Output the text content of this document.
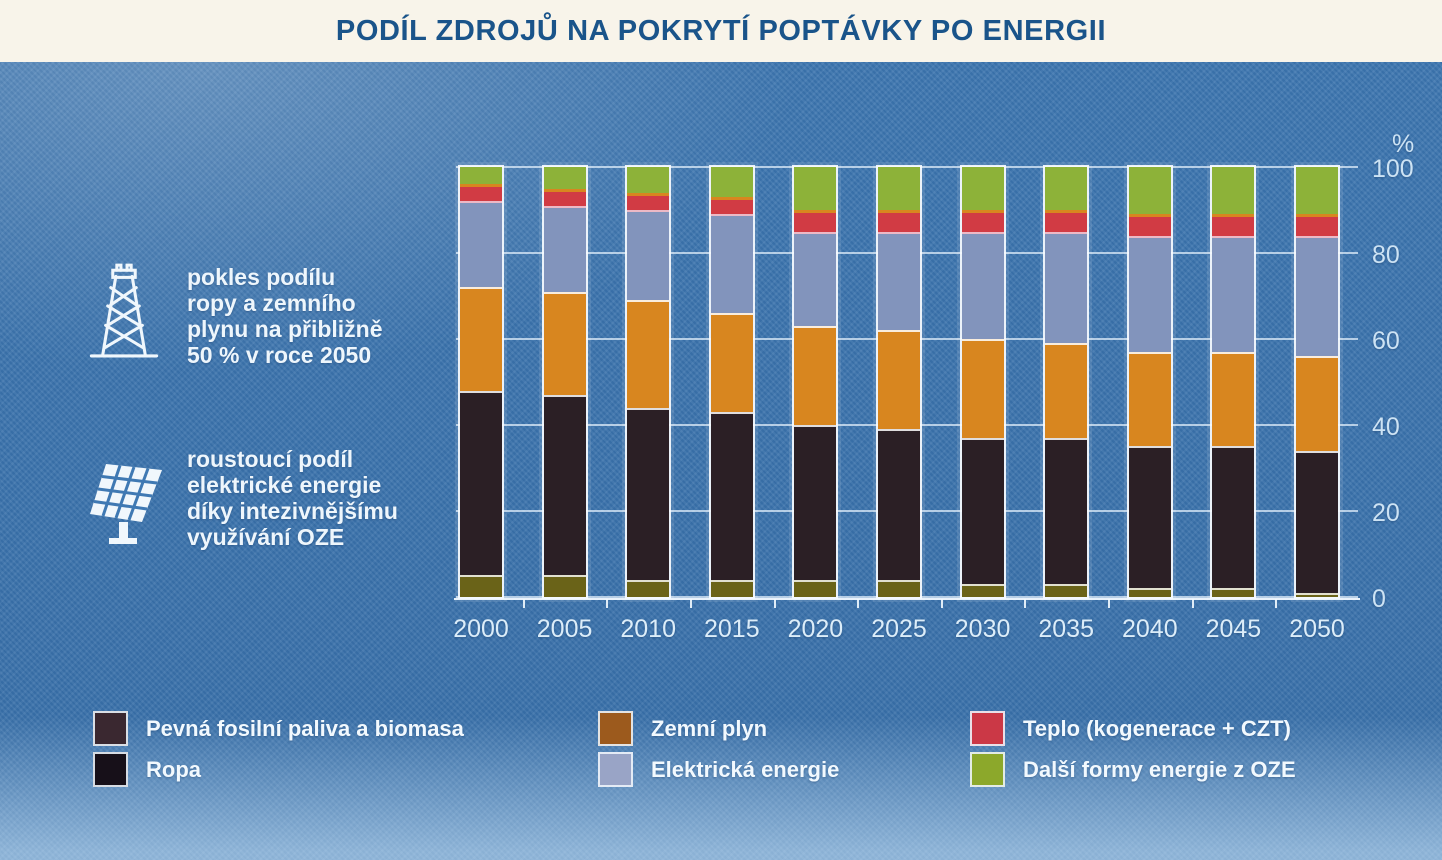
PODÍL ZDROJŮ NA POKRYTÍ POPTÁVKY PO ENERGII
pokles podílu
ropy a zemního
plynu na přibližně
50 % v roce 2050
roustoucí podíl
elektrické energie
díky intezivnějšímu
využívání OZE
%
0
20
40
60
80
100
2000	2005	2010	2015	2020	2025	2030	2035	2040	2045	2050
Pevná fosilní paliva a biomasa
Ropa
Zemní plyn
Elektrická energie
Teplo (kogenerace + CZT)
Další formy energie z OZE
